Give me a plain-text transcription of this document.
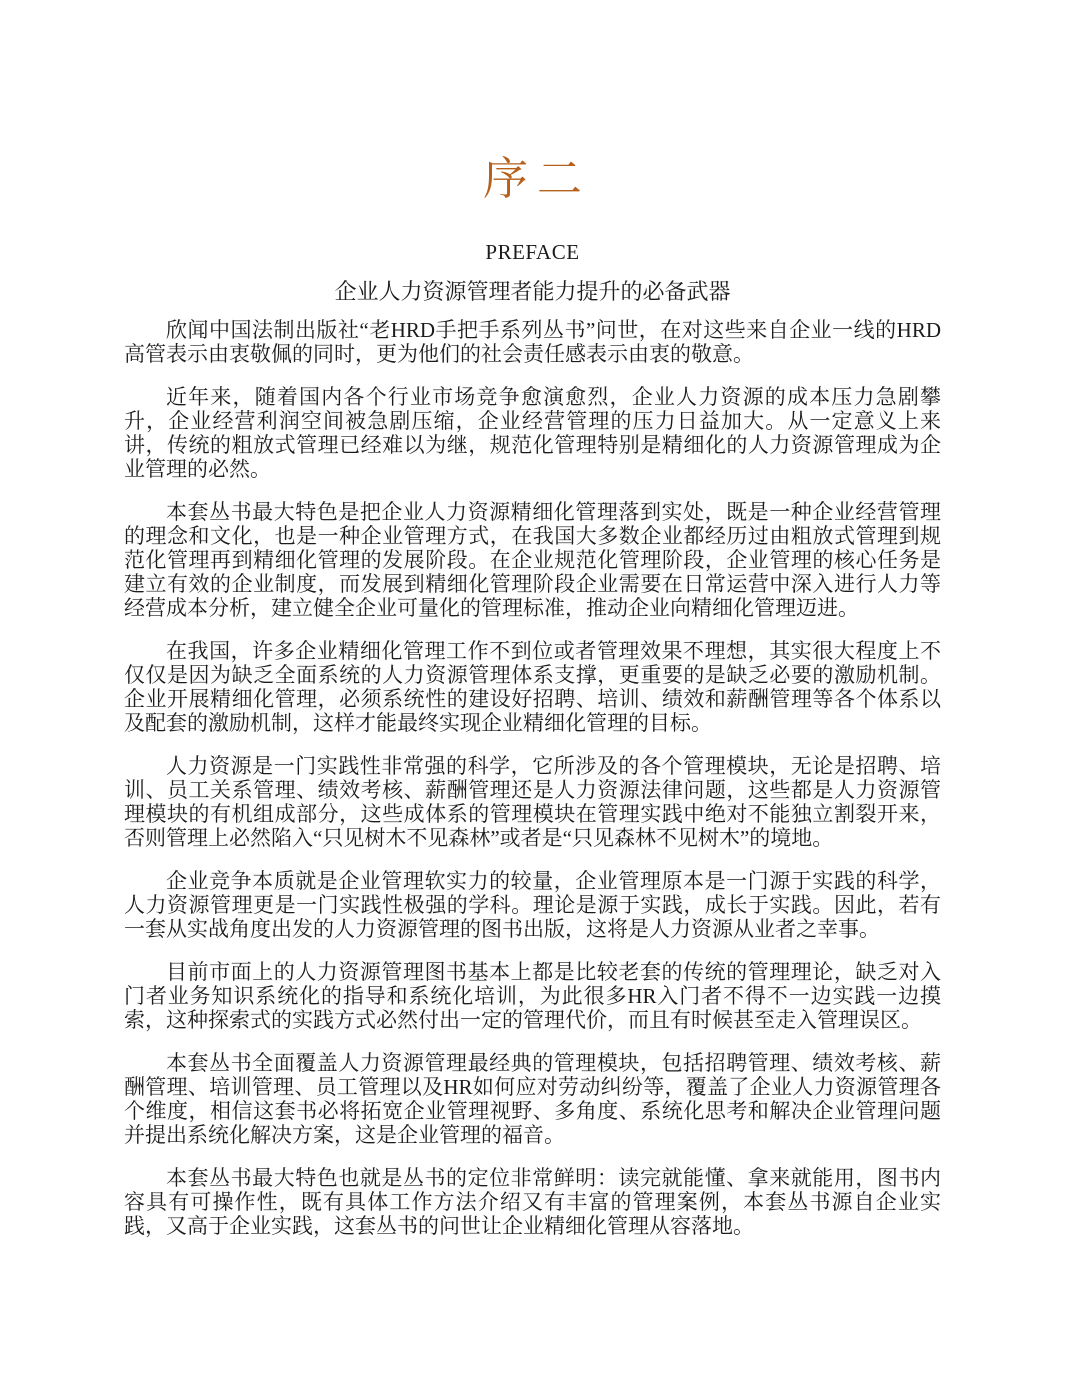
序二
PREFACE
企业人力资源管理者能力提升的必备武器

欣闻中国法制出版社“老HRD手把手系列丛书”问世，在对这些来自企业一线的HRD高管表示由衷敬佩的同时，更为他们的社会责任感表示由衷的敬意。

近年来，随着国内各个行业市场竞争愈演愈烈，企业人力资源的成本压力急剧攀升，企业经营利润空间被急剧压缩，企业经营管理的压力日益加大。从一定意义上来讲，传统的粗放式管理已经难以为继，规范化管理特别是精细化的人力资源管理成为企业管理的必然。

本套丛书最大特色是把企业人力资源精细化管理落到实处，既是一种企业经营管理的理念和文化，也是一种企业管理方式，在我国大多数企业都经历过由粗放式管理到规范化管理再到精细化管理的发展阶段。在企业规范化管理阶段，企业管理的核心任务是建立有效的企业制度，而发展到精细化管理阶段企业需要在日常运营中深入进行人力等经营成本分析，建立健全企业可量化的管理标准，推动企业向精细化管理迈进。

在我国，许多企业精细化管理工作不到位或者管理效果不理想，其实很大程度上不仅仅是因为缺乏全面系统的人力资源管理体系支撑，更重要的是缺乏必要的激励机制。企业开展精细化管理，必须系统性的建设好招聘、培训、绩效和薪酬管理等各个体系以及配套的激励机制，这样才能最终实现企业精细化管理的目标。

人力资源是一门实践性非常强的科学，它所涉及的各个管理模块，无论是招聘、培训、员工关系管理、绩效考核、薪酬管理还是人力资源法律问题，这些都是人力资源管理模块的有机组成部分，这些成体系的管理模块在管理实践中绝对不能独立割裂开来，否则管理上必然陷入“只见树木不见森林”或者是“只见森林不见树木”的境地。

企业竞争本质就是企业管理软实力的较量，企业管理原本是一门源于实践的科学，人力资源管理更是一门实践性极强的学科。理论是源于实践，成长于实践。因此，若有一套从实战角度出发的人力资源管理的图书出版，这将是人力资源从业者之幸事。

目前市面上的人力资源管理图书基本上都是比较老套的传统的管理理论，缺乏对入门者业务知识系统化的指导和系统化培训，为此很多HR入门者不得不一边实践一边摸索，这种探索式的实践方式必然付出一定的管理代价，而且有时候甚至走入管理误区。

本套丛书全面覆盖人力资源管理最经典的管理模块，包括招聘管理、绩效考核、薪酬管理、培训管理、员工管理以及HR如何应对劳动纠纷等，覆盖了企业人力资源管理各个维度，相信这套书必将拓宽企业管理视野、多角度、系统化思考和解决企业管理问题并提出系统化解决方案，这是企业管理的福音。

本套丛书最大特色也就是丛书的定位非常鲜明：读完就能懂、拿来就能用，图书内容具有可操作性，既有具体工作方法介绍又有丰富的管理案例，本套丛书源自企业实践，又高于企业实践，这套丛书的问世让企业精细化管理从容落地。
